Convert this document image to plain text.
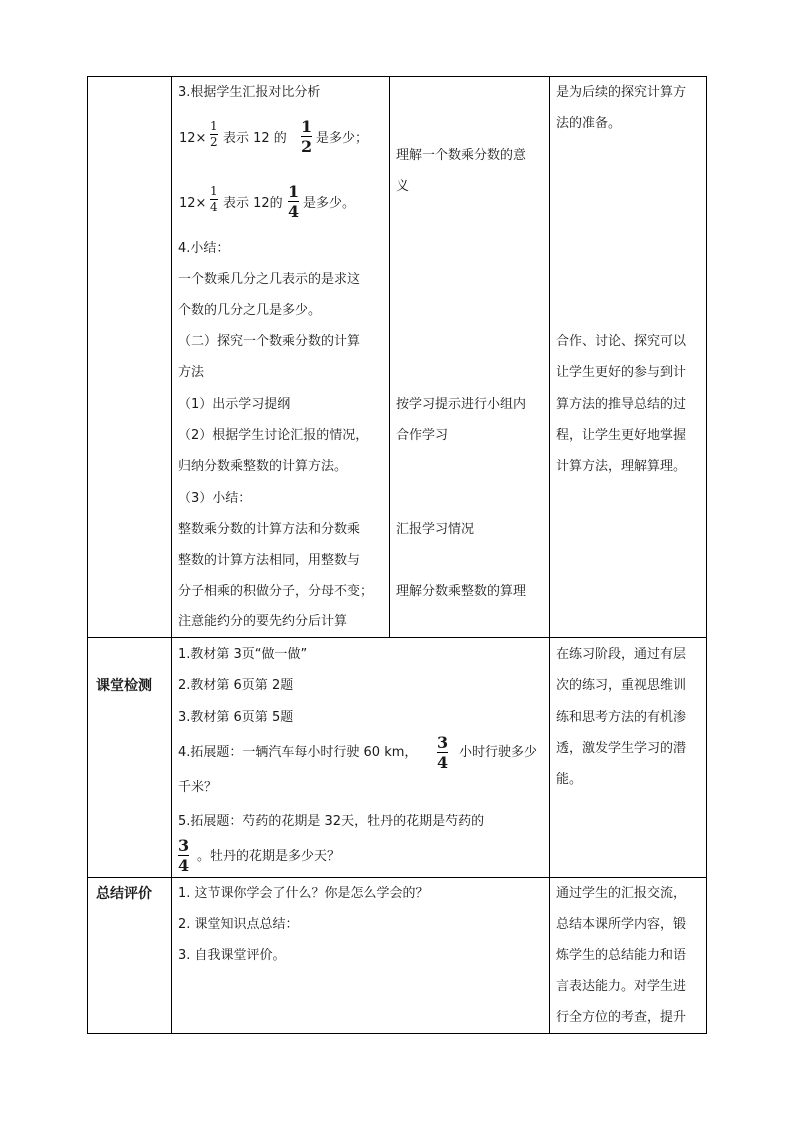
3.根据学生汇报对比分析
12×
1
2 表示 12 的
1
2 是多少；
12×
1
4 表示 12的
1
4 是多少。
4.小结：
一个数乘几分之几表示的是求这
个数的几分之几是多少。
（二）探究一个数乘分数的计算
方法
（1）出示学习提纲
（2）根据学生讨论汇报的情况，
归纳分数乘整数的计算方法。
（3）小结：
整数乘分数的计算方法和分数乘
整数的计算方法相同，用整数与
分子相乘的积做分子，分母不变；
注意能约分的要先约分后计算
理解一个数乘分数的意
义
按学习提示进行小组内
合作学习
汇报学习情况
理解分数乘整数的算理
是为后续的探究计算方
法的准备。
合作、讨论、探究可以
让学生更好的参与到计
算方法的推导总结的过
程，让学生更好地掌握
计算方法，理解算理。
课堂检测
1.教材第 3页“做一做”
2.教材第 6页第 2题
3.教材第 6页第 5题
4.拓展题：一辆汽车每小时行驶 60 km，
3
4
小时行驶多少
千米？
5.拓展题：芍药的花期是 32天，牡丹的花期是芍药的
3
4 。牡丹的花期是多少天？
在练习阶段，通过有层
次的练习，重视思维训
练和思考方法的有机渗
透，激发学生学习的潜
能。
总结评价 1. 这节课你学会了什么？你是怎么学会的？
2. 课堂知识点总结：
3. 自我课堂评价。
通过学生的汇报交流，
总结本课所学内容，锻
炼学生的总结能力和语
言表达能力。对学生进
行全方位的考查，提升
